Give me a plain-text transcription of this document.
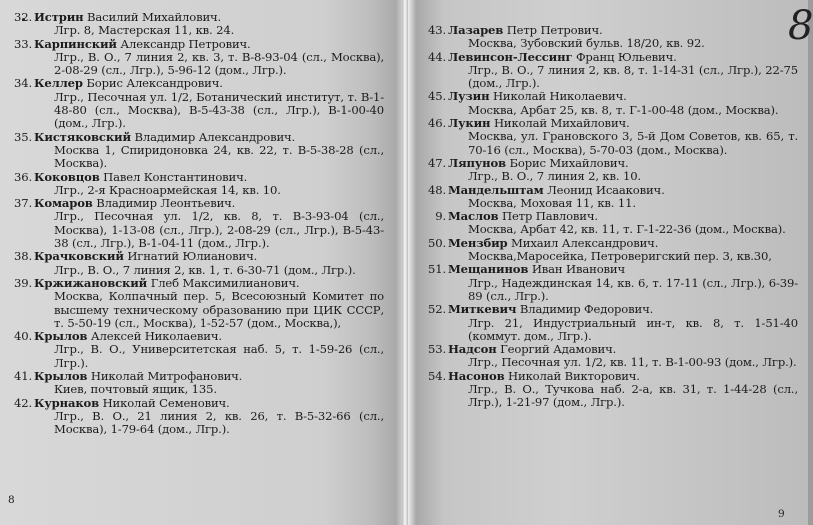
32. Истрин Василий Михайлович.
Лгр. 8, Мастерская 11, кв. 24.
33. Карпинский Александр Петрович.
Лгр., В. О., 7 линия 2, кв. 3, т. В-8-93-04 (сл., Москва), 2-08-29 (сл., Лгр.), 5-96-12 (дом., Лгр.).
34. Келлер Борис Александрович.
Лгр., Песочная ул. 1/2, Ботанический институт, т. В-1-48-80 (сл., Москва), В-5-43-38 (сл., Лгр.), В-1-00-40 (дом., Лгр.).
35. Кистяковский Владимир Александрович.
Москва 1, Спиридоновка 24, кв. 22, т. В-5-38-28 (сл., Москва).
36. Коковцов Павел Константинович.
Лгр., 2-я Красноармейская 14, кв. 10.
37. Комаров Владимир Леонтьевич.
Лгр., Песочная ул. 1/2, кв. 8, т. В-3-93-04 (сл., Москва), 1-13-08 (сл., Лгр.), 2-08-29 (сл., Лгр.), В-5-43-38 (сл., Лгр.), В-1-04-11 (дом., Лгр.).
38. Крачковский Игнатий Юлианович.
Лгр., В. О., 7 линия 2, кв. 1, т. 6-30-71 (дом., Лгр.).
39. Кржижановский Глеб Максимилианович.
Москва, Колпачный пер. 5, Всесоюзный Комитет по высшему техническому образованию при ЦИК СССР, т. 5-50-19 (сл., Москва), 1-52-57 (дом., Москва,),
40. Крылов Алексей Николаевич.
Лгр., В. О., Университетская наб. 5, т. 1-59-26 (сл., Лгр.).
41. Крылов Николай Митрофанович.
Киев, почтовый ящик, 135.
42. Курнаков Николай Семенович.
Лгр., В. О., 21 линия 2, кв. 26, т. В-5-32-66 (сл., Москва), 1-79-64 (дом., Лгр.).
8
8
43. Лазарев Петр Петрович.
Москва, Зубовский бульв. 18/20, кв. 92.
44. Левинсон-Лессинг Франц Юльевич.
Лгр., В. О., 7 линия 2, кв. 8, т. 1-14-31 (сл., Лгр.), 22-75 (дом., Лгр.).
45. Лузин Николай Николаевич.
Москва, Арбат 25, кв. 8, т. Г-1-00-48 (дом., Москва).
46. Лукин Николай Михайлович.
Москва, ул. Грановского 3, 5-й Дом Советов, кв. 65, т. 70-16 (сл., Москва), 5-70-03 (дом., Москва).
47. Ляпунов Борис Михайлович.
Лгр., В. О., 7 линия 2, кв. 10.
48. Мандельштам Леонид Исаакович.
Москва, Моховая 11, кв. 11.
9. Маслов Петр Павлович.
Москва, Арбат 42, кв. 11, т. Г-1-22-36 (дом., Москва).
50. Мензбир Михаил Александрович.
Москва,Маросейка, Петроверигский пер. 3, кв.30,
51. Мещанинов Иван Иванович
Лгр., Надеждинская 14, кв. 6, т. 17-11 (сл., Лгр.), 6-39-89 (сл., Лгр.).
52. Миткевич Владимир Федорович.
Лгр. 21, Индустриальный ин-т, кв. 8, т. 1-51-40 (коммут. дом., Лгр.).
53. Надсон Георгий Адамович.
Лгр., Песочная ул. 1/2, кв. 11, т. В-1-00-93 (дом., Лгр.).
54. Насонов Николай Викторович.
Лгр., В. О., Тучкова наб. 2-а, кв. 31, т. 1-44-28 (сл., Лгр.), 1-21-97 (дом., Лгр.).
9
